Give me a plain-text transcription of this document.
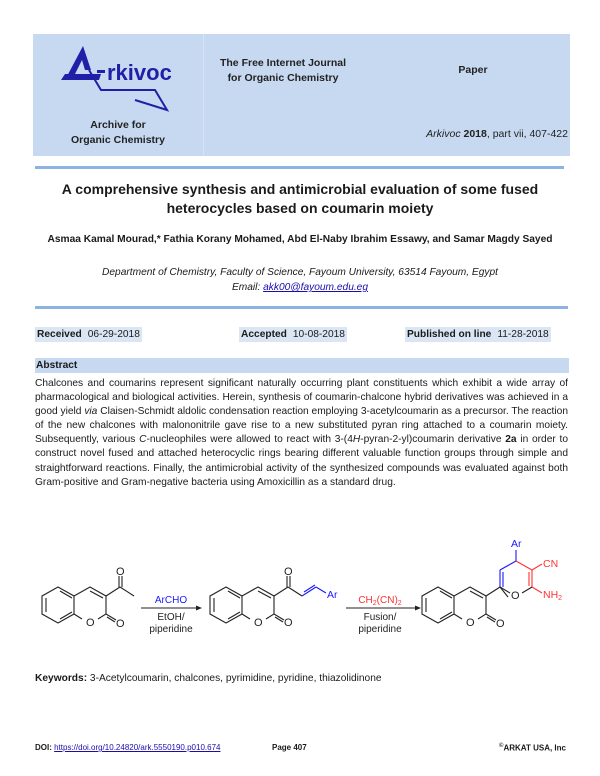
rkivoc
Archive for
Organic Chemistry
The Free Internet Journal
for Organic Chemistry
Paper
Arkivoc 2018, part vii, 407-422
A comprehensive synthesis and antimicrobial evaluation of some fused
heterocycles based on coumarin moiety
Asmaa Kamal Mourad,* Fathia Korany Mohamed, Abd El-Naby Ibrahim Essawy, and Samar Magdy Sayed
Department of Chemistry, Faculty of Science, Fayoum University, 63514 Fayoum, Egypt
Email: akk00@fayoum.edu.eg
Received 06-29-2018	Accepted 10-08-2018	Published on line 11-28-2018
Abstract
Chalcones and coumarins represent significant naturally occurring plant constituents which exhibit a wide array of pharmacological and biological activities. Herein, synthesis of coumarin-chalcone hybrid derivatives was achieved in a good yield via Claisen-Schmidt aldolic condensation reaction employing 3-acetylcoumarin as a precursor. The reaction of the new chalcones with malononitrile gave rise to a new substituted pyran ring attached to a coumarin moiety. Subsequently, various C-nucleophiles were allowed to react with 3-(4H-pyran-2-yl)coumarin derivative 2a in order to construct novel fused and attached heterocyclic rings bearing different valuable function groups through simple and straightforward reactions. Finally, the antimicrobial activity of the synthesized compounds was evaluated against both Gram-positive and Gram-negative bacteria using Amoxicillin as a standard drug.
O O
O
ArCHO
EtOH/
piperidine
O
O
O
Ar $CH_2(CN)_2$
Fusion/
piperidine
Ar
CN
NH2
O
O O
Keywords: 3-Acetylcoumarin, chalcones, pyrimidine, pyridine, thiazolidinone
DOI: https://doi.org/10.24820/ark.5550190.p010.674	Page 407	©ARKAT USA, Inc
